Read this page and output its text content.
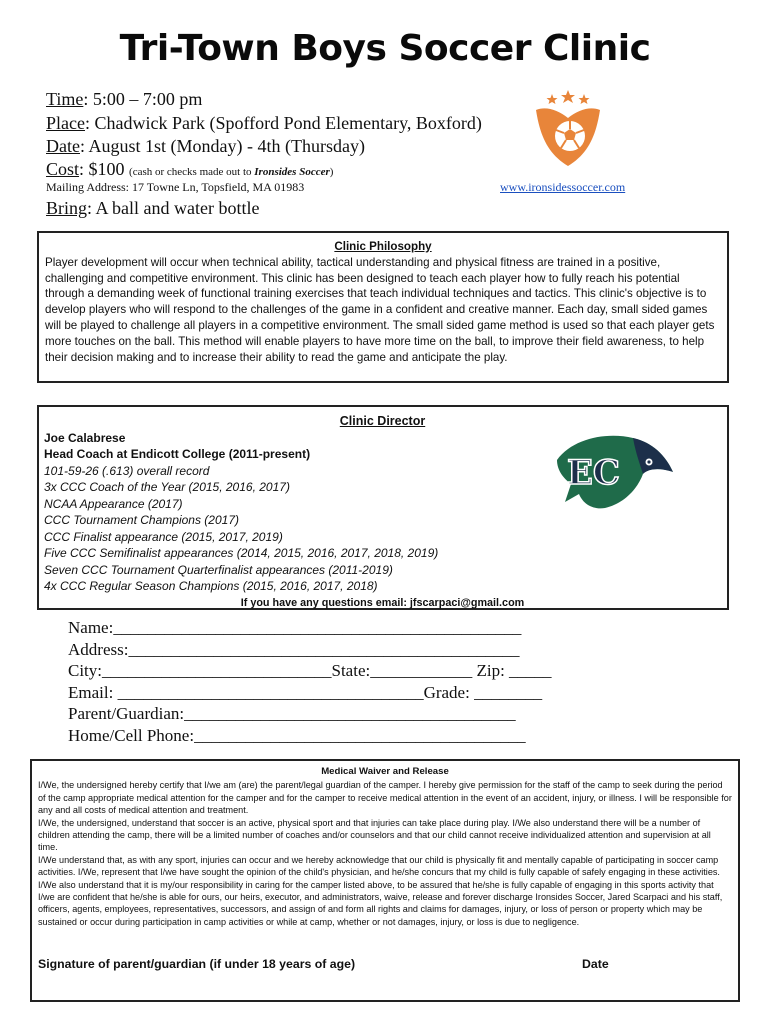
Tri-Town Boys Soccer Clinic
Time: 5:00 – 7:00 pm
Place: Chadwick Park (Spofford Pond Elementary, Boxford)
Date: August 1st (Monday) - 4th (Thursday)
Cost: $100 (cash or checks made out to Ironsides Soccer)
Mailing Address: 17 Towne Ln, Topsfield, MA 01983	www.ironsidessoccer.com
Bring: A ball and water bottle
Clinic Philosophy
Player development will occur when technical ability, tactical understanding and physical fitness are trained in a positive, challenging and competitive environment. This clinic has been designed to teach each player how to fully reach his potential through a demanding week of functional training exercises that teach individual techniques and tactics. This clinic's objective is to develop players who will respond to the challenges of the game in a confident and creative manner. Each day, small sided games will be played to challenge all players in a competitive environment. The small sided game method is used so that each player gets more touches on the ball. This method will enable players to have more time on the ball, to improve their field awareness, to help their decision making and to increase their ability to read the game and anticipate the play.
Clinic Director
Joe Calabrese
Head Coach at Endicott College (2011-present)
101-59-26 (.613) overall record
3x CCC Coach of the Year (2015, 2016, 2017)
NCAA Appearance (2017)
CCC Tournament Champions (2017)
CCC Finalist appearance (2015, 2017, 2019)
Five CCC Semifinalist appearances (2014, 2015, 2016, 2017, 2018, 2019)
Seven CCC Tournament Quarterfinalist appearances (2011-2019)
4x CCC Regular Season Champions (2015, 2016, 2017, 2018)
If you have any questions email: jfscarpaci@gmail.com
EC
Name:________________________________________________
Address:______________________________________________
City:___________________________State:____________ Zip: _____
Email: ____________________________________Grade: ________
Parent/Guardian:_______________________________________
Home/Cell Phone:_______________________________________
Medical Waiver and Release
I/We, the undersigned hereby certify that I/we am (are) the parent/legal guardian of the camper. I hereby give permission for the staff of the camp to seek during the period of the camp appropriate medical attention for the camper and for the camper to receive medical attention in the event of an accident, injury, or illness. I will be responsible for any and all costs of medical attention and treatment.
I/We, the undersigned, understand that soccer is an active, physical sport and that injuries can take place during play. I/We also understand there will be a number of children attending the camp, there will be a limited number of coaches and/or counselors and that our child cannot receive individualized attention and supervision at all time.
I/We understand that, as with any sport, injuries can occur and we hereby acknowledge that our child is physically fit and mentally capable of participating in soccer camp activities. I/We, represent that I/we have sought the opinion of the child's physician, and he/she concurs that my child is fully capable of safely engaging in these activities. I/We also understand that it is my/our responsibility in caring for the camper listed above, to be assured that he/she is fully capable of engaging in this sports activity that I/we are confident that he/she is able for ours, our heirs, executor, and administrators, waive, release and forever discharge Ironsides Soccer, Jared Scarpaci and his staff, officers, agents, employees, representatives, successors, and assign of and form all rights and claims for damages, injury, or loss of person or property which may be sustained or occur during participation in camp activities or while at camp, whether or not damages, injury, or loss is due to negligence.
Signature of parent/guardian (if under 18 years of age)	Date
